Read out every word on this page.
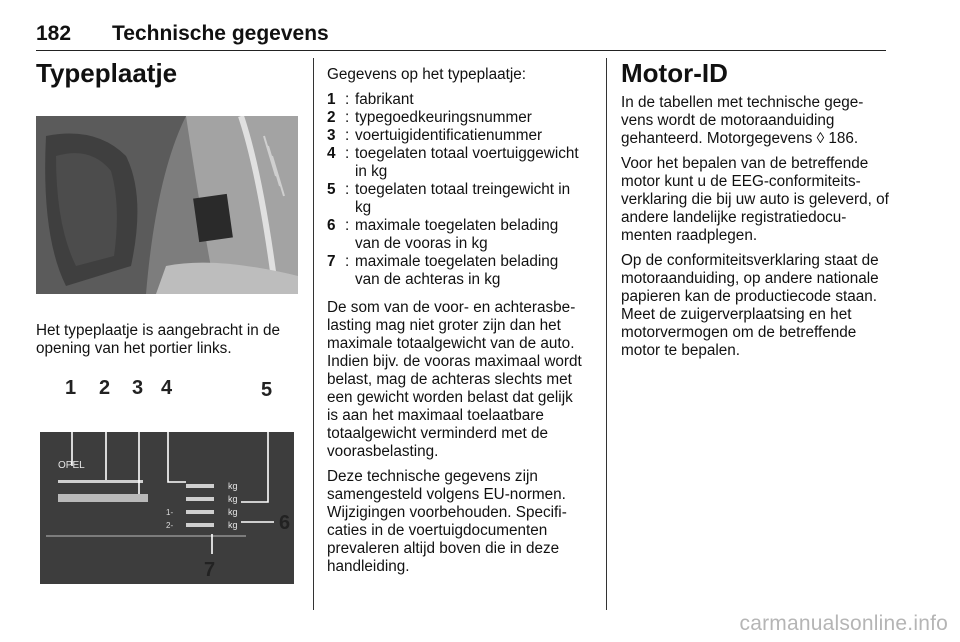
182 Technische gegevens
Typeplaatje

Het typeplaatje is aangebracht in de opening van het portier links.

OPEL
1-
2-
kg
kg
kg
kg
1 2 3 4	5
6
7

Gegevens op het typeplaatje:

1 : fabrikant
2 : typegoedkeuringsnummer
3 : voertuigidentificatienummer
4 : toegelaten totaal voertuiggewicht in kg
5 : toegelaten totaal treingewicht in kg
6 : maximale toegelaten belading van de vooras in kg
7 : maximale toegelaten belading van de achteras in kg

De som van de voor- en achterasbelasting mag niet groter zijn dan het maximale totaalgewicht van de auto. Indien bijv. de vooras maximaal wordt belast, mag de achteras slechts met een gewicht worden belast dat gelijk is aan het maximaal toelaatbare totaalgewicht verminderd met de voorasbelasting.

Deze technische gegevens zijn samengesteld volgens EU-normen. Wijzigingen voorbehouden. Specificaties in de voertuigdocumenten prevaleren altijd boven die in deze handleiding.

Motor-ID

In de tabellen met technische gegevens wordt de motoraanduiding gehanteerd. Motorgegevens ◊ 186.

Voor het bepalen van de betreffende motor kunt u de EEG-conformiteitsverklaring die bij uw auto is geleverd, of andere landelijke registratiedocumenten raadplegen.

Op de conformiteitsverklaring staat de motoraanduiding, op andere nationale papieren kan de productiecode staan. Meet de zuigerverplaatsing en het motorvermogen om de betreffende motor te bepalen.

carmanualsonline.info
